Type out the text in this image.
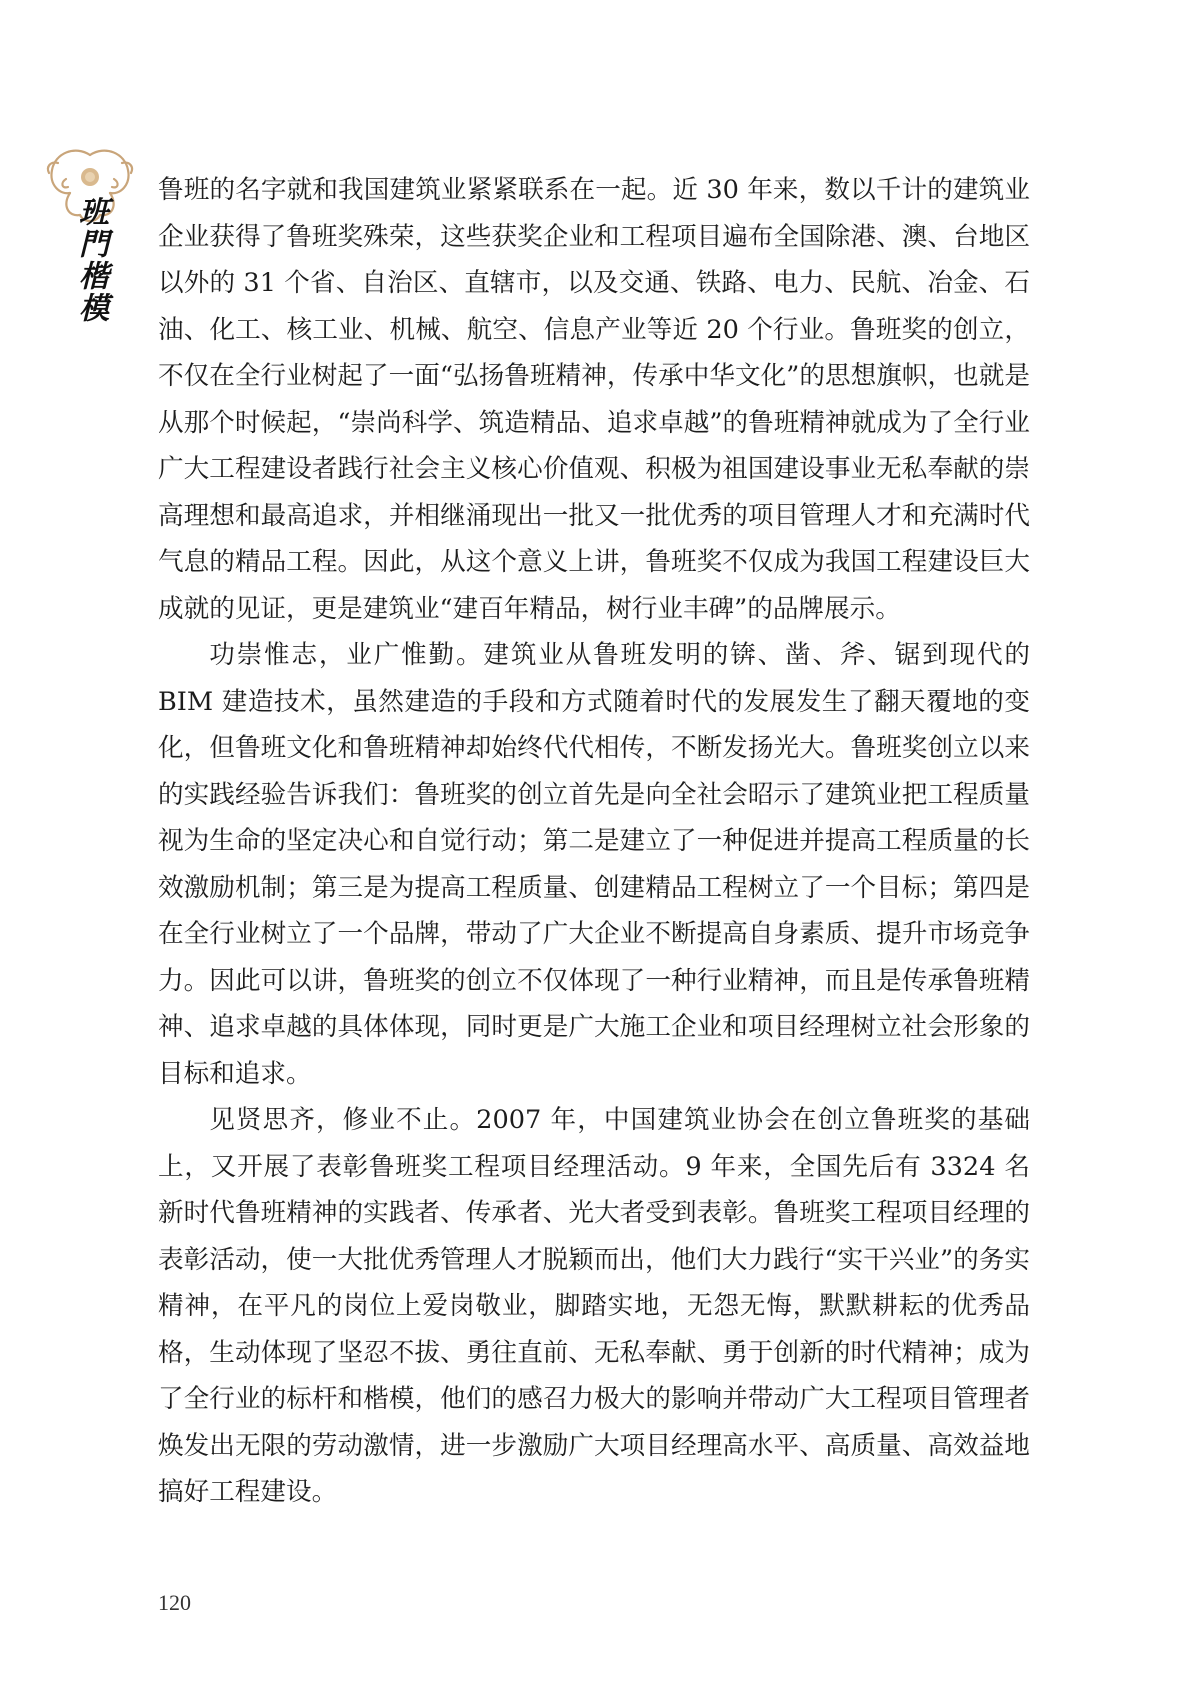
班門楷模

鲁班的名字就和我国建筑业紧紧联系在一起。近 30 年来，数以千计的建筑业企业获得了鲁班奖殊荣，这些获奖企业和工程项目遍布全国除港、澳、台地区以外的 31 个省、自治区、直辖市，以及交通、铁路、电力、民航、冶金、石油、化工、核工业、机械、航空、信息产业等近 20 个行业。鲁班奖的创立，不仅在全行业树起了一面“弘扬鲁班精神，传承中华文化”的思想旗帜，也就是从那个时候起，“崇尚科学、筑造精品、追求卓越”的鲁班精神就成为了全行业广大工程建设者践行社会主义核心价值观、积极为祖国建设事业无私奉献的崇高理想和最高追求，并相继涌现出一批又一批优秀的项目管理人才和充满时代气息的精品工程。因此，从这个意义上讲，鲁班奖不仅成为我国工程建设巨大成就的见证，更是建筑业“建百年精品，树行业丰碑”的品牌展示。

功崇惟志，业广惟勤。建筑业从鲁班发明的锛、凿、斧、锯到现代的 BIM 建造技术，虽然建造的手段和方式随着时代的发展发生了翻天覆地的变化，但鲁班文化和鲁班精神却始终代代相传，不断发扬光大。鲁班奖创立以来的实践经验告诉我们：鲁班奖的创立首先是向全社会昭示了建筑业把工程质量视为生命的坚定决心和自觉行动；第二是建立了一种促进并提高工程质量的长效激励机制；第三是为提高工程质量、创建精品工程树立了一个目标；第四是在全行业树立了一个品牌，带动了广大企业不断提高自身素质、提升市场竞争力。因此可以讲，鲁班奖的创立不仅体现了一种行业精神，而且是传承鲁班精神、追求卓越的具体体现，同时更是广大施工企业和项目经理树立社会形象的目标和追求。

见贤思齐，修业不止。2007 年，中国建筑业协会在创立鲁班奖的基础上，又开展了表彰鲁班奖工程项目经理活动。9 年来，全国先后有 3324 名新时代鲁班精神的实践者、传承者、光大者受到表彰。鲁班奖工程项目经理的表彰活动，使一大批优秀管理人才脱颖而出，他们大力践行“实干兴业”的务实精神，在平凡的岗位上爱岗敬业，脚踏实地，无怨无悔，默默耕耘的优秀品格，生动体现了坚忍不拔、勇往直前、无私奉献、勇于创新的时代精神；成为了全行业的标杆和楷模，他们的感召力极大的影响并带动广大工程项目管理者焕发出无限的劳动激情，进一步激励广大项目经理高水平、高质量、高效益地搞好工程建设。

120
